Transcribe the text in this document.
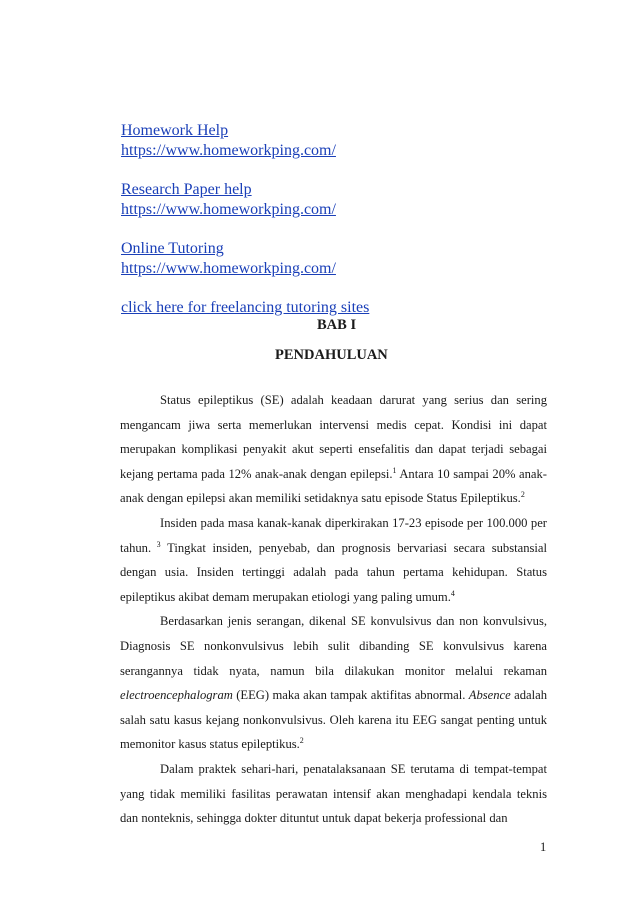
Homework Help
https://www.homeworkping.com/
Research Paper help
https://www.homeworkping.com/
Online Tutoring
https://www.homeworkping.com/
click here for freelancing tutoring sites
BAB I
PENDAHULUAN

Status epileptikus (SE) adalah keadaan darurat yang serius dan sering mengancam jiwa serta memerlukan intervensi medis cepat. Kondisi ini dapat merupakan komplikasi penyakit akut seperti ensefalitis dan dapat terjadi sebagai kejang pertama pada 12% anak-anak dengan epilepsi.$^1$ Antara 10 sampai 20% anak-anak dengan epilepsi akan memiliki setidaknya satu episode Status Epileptikus.$^2$

Insiden pada masa kanak-kanak diperkirakan 17-23 episode per 100.000 per tahun. $^3$ Tingkat insiden, penyebab, dan prognosis bervariasi secara substansial dengan usia. Insiden tertinggi adalah pada tahun pertama kehidupan. Status epileptikus akibat demam merupakan etiologi yang paling umum.$^4$

Berdasarkan jenis serangan, dikenal SE konvulsivus dan non konvulsivus, Diagnosis SE nonkonvulsivus lebih sulit dibanding SE konvulsivus karena serangannya tidak nyata, namun bila dilakukan monitor melalui rekaman electroencephalogram (EEG) maka akan tampak aktifitas abnormal. Absence adalah salah satu kasus kejang nonkonvulsivus. Oleh karena itu EEG sangat penting untuk memonitor kasus status epileptikus.$^2$

Dalam praktek sehari-hari, penatalaksanaan SE terutama di tempat-tempat yang tidak memiliki fasilitas perawatan intensif akan menghadapi kendala teknis dan nonteknis, sehingga dokter dituntut untuk dapat bekerja professional dan

1
